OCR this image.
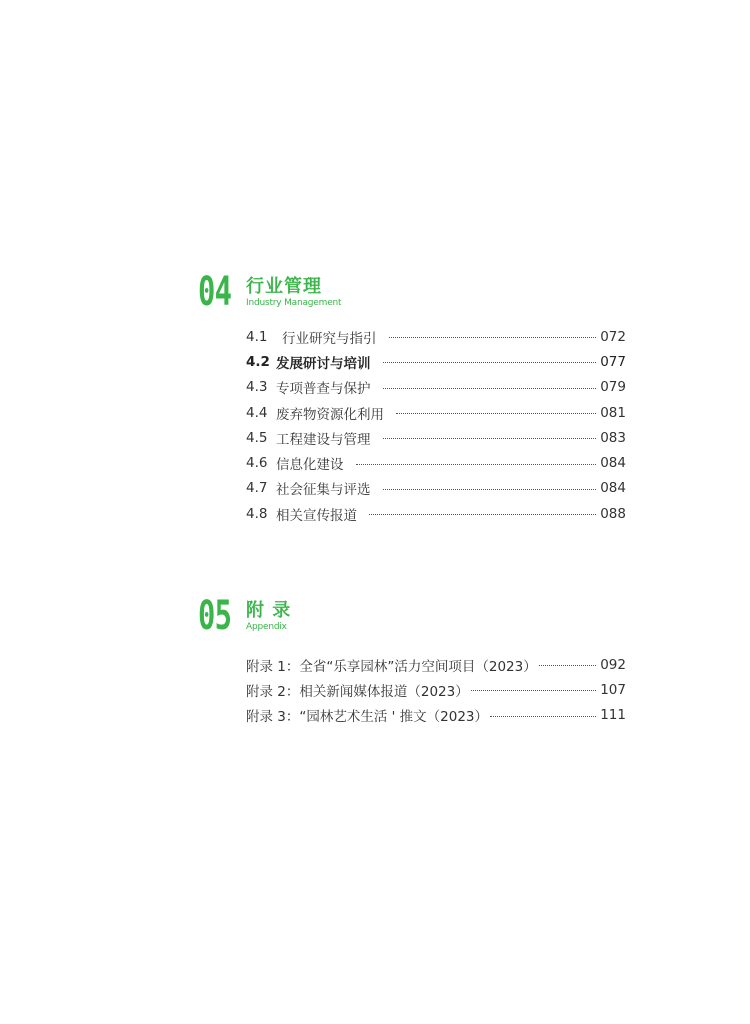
04 行业管理
Industry Management
4.1	行业研究与指引	072
4.2 发展研讨与培训	077
4.3 专项普查与保护	079
4.4 废弃物资源化利用	081
4.5 工程建设与管理	083
4.6 信息化建设	084
4.7 社会征集与评选	084
4.8 相关宣传报道	088
05 附 录
Appendix
附录 1：全省“乐享园林”活力空间项目（2023）	092
附录 2：相关新闻媒体报道（2023）	107
附录 3：“园林艺术生活 ' 推文（2023）	111
